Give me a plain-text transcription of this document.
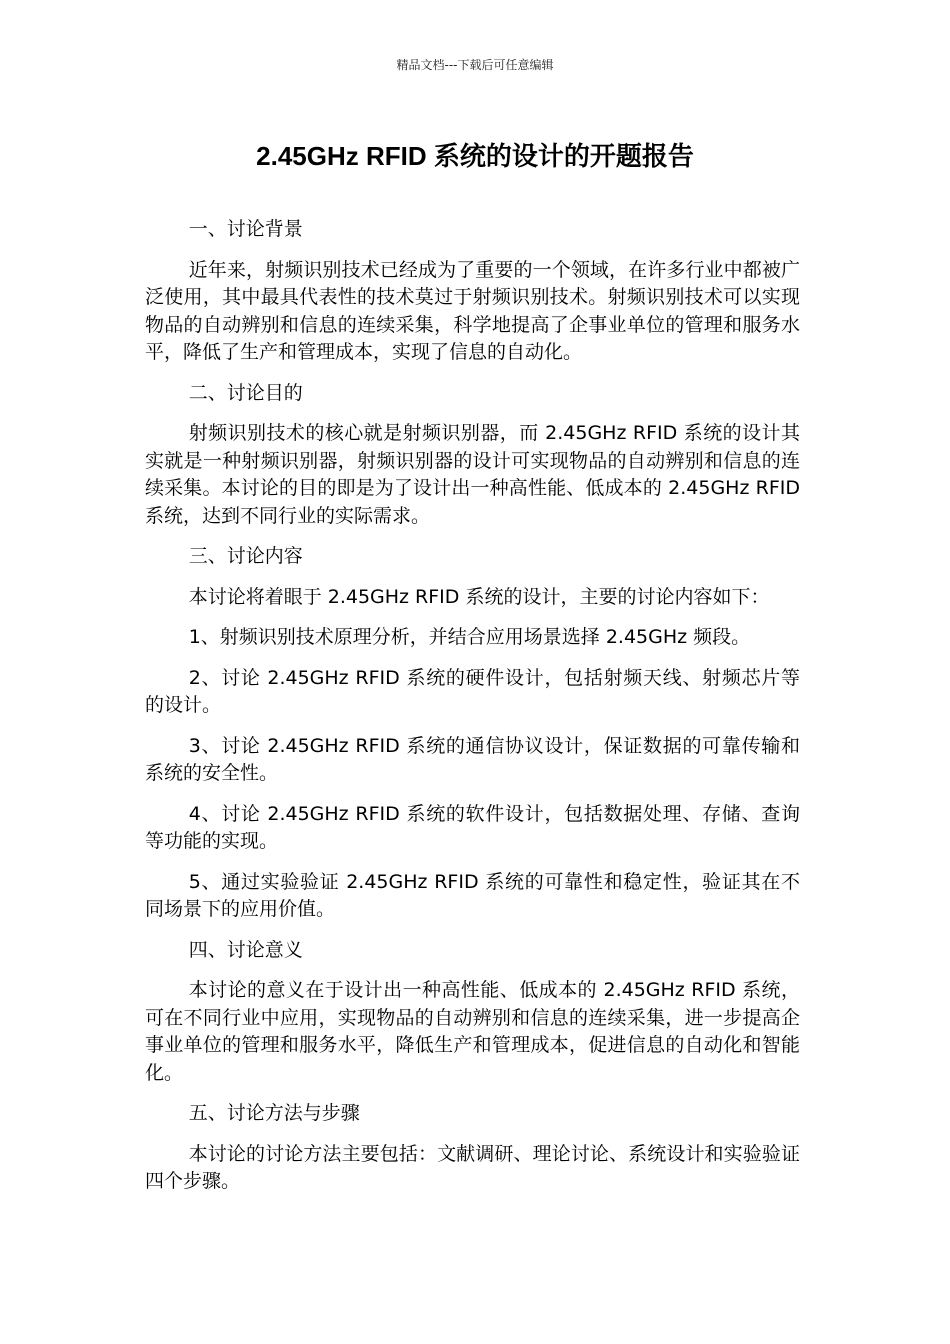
精品文档---下载后可任意编辑
2.45GHz RFID 系统的设计的开题报告

一、讨论背景

近年来，射频识别技术已经成为了重要的一个领域，在许多行业中都被广泛使用，其中最具代表性的技术莫过于射频识别技术。射频识别技术可以实现物品的自动辨别和信息的连续采集，科学地提高了企事业单位的管理和服务水平，降低了生产和管理成本，实现了信息的自动化。

二、讨论目的

射频识别技术的核心就是射频识别器，而 2.45GHz RFID 系统的设计其实就是一种射频识别器，射频识别器的设计可实现物品的自动辨别和信息的连续采集。本讨论的目的即是为了设计出一种高性能、低成本的 2.45GHz RFID 系统，达到不同行业的实际需求。

三、讨论内容

本讨论将着眼于 2.45GHz RFID 系统的设计，主要的讨论内容如下：

1、射频识别技术原理分析，并结合应用场景选择 2.45GHz 频段。

2、讨论 2.45GHz RFID 系统的硬件设计，包括射频天线、射频芯片等的设计。

3、讨论 2.45GHz RFID 系统的通信协议设计，保证数据的可靠传输和系统的安全性。

4、讨论 2.45GHz RFID 系统的软件设计，包括数据处理、存储、查询等功能的实现。

5、通过实验验证 2.45GHz RFID 系统的可靠性和稳定性，验证其在不同场景下的应用价值。

四、讨论意义

本讨论的意义在于设计出一种高性能、低成本的 2.45GHz RFID 系统，可在不同行业中应用，实现物品的自动辨别和信息的连续采集，进一步提高企事业单位的管理和服务水平，降低生产和管理成本，促进信息的自动化和智能化。

五、讨论方法与步骤

本讨论的讨论方法主要包括：文献调研、理论讨论、系统设计和实验验证四个步骤。
